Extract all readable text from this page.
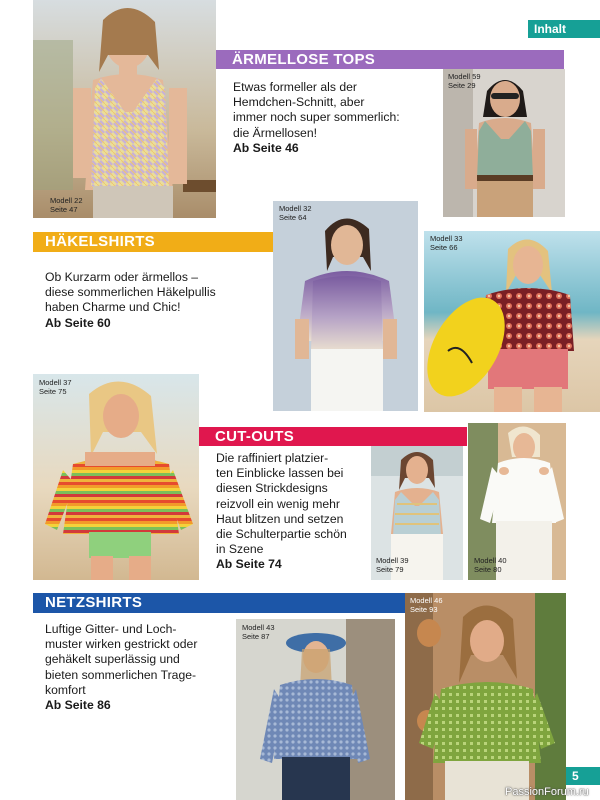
Inhalt
Modell 22
Seite 47
ÄRMELLOSE TOPS
Etwas formeller als der
Hemdchen-Schnitt, aber
immer noch super sommerlich:
die Ärmellosen!
Ab Seite 46
Modell 59
Seite 29
HÄKELSHIRTS
Ob Kurzarm oder ärmellos –
diese sommerlichen Häkelpullis
haben Charme und Chic!
Ab Seite 60
Modell 32
Seite 64
Modell 33
Seite 66
Modell 37
Seite 75
CUT-OUTS
Die raffiniert platzier-
ten Einblicke lassen bei
diesen Strickdesigns
reizvoll ein wenig mehr
Haut blitzen und setzen
die Schulterpartie schön
in Szene
Ab Seite 74	Modell 39
Seite 79
Modell 40
Seite 80
NETZSHIRTS
Luftige Gitter- und Loch-
muster wirken gestrickt oder
gehäkelt superlässig und
bieten sommerlichen Trage-
komfort
Ab Seite 86
Modell 43
Seite 87
Modell 46
Seite 93
5
PassionForum.ru
